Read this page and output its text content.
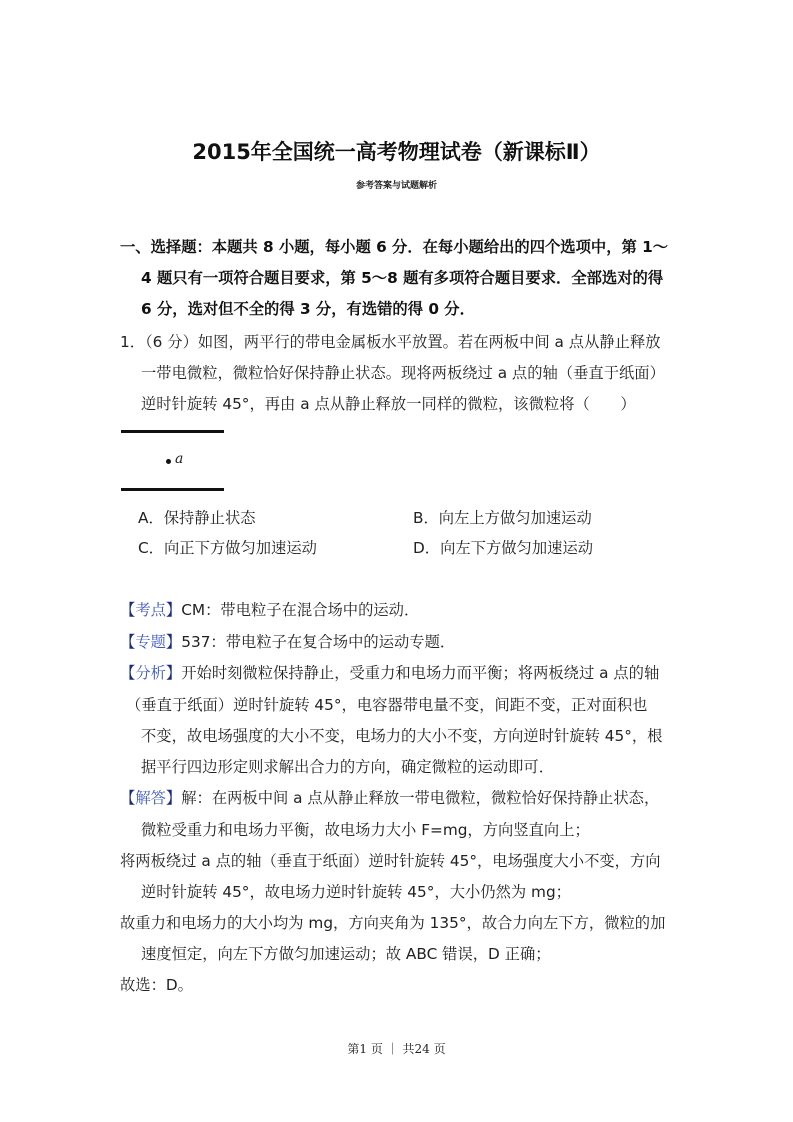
2015年全国统一高考物理试卷（新课标Ⅱ）
参考答案与试题解析
一、选择题：本题共 8 小题，每小题 6 分．在每小题给出的四个选项中，第 1～
4 题只有一项符合题目要求，第 5～8 题有多项符合题目要求．全部选对的得
6 分，选对但不全的得 3 分，有选错的得 0 分．
1．（6 分）如图，两平行的带电金属板水平放置。若在两板中间 a 点从静止释放
一带电微粒，微粒恰好保持静止状态。现将两板绕过 a 点的轴（垂直于纸面）
逆时针旋转 45°，再由 a 点从静止释放一同样的微粒，该微粒将（　　）
a
A．保持静止状态	B．向左上方做匀加速运动
C．向正下方做匀加速运动	D．向左下方做匀加速运动
【考点】CM：带电粒子在混合场中的运动．
【专题】537：带电粒子在复合场中的运动专题．
【分析】开始时刻微粒保持静止，受重力和电场力而平衡；将两板绕过 a 点的轴
（垂直于纸面）逆时针旋转 45°，电容器带电量不变，间距不变，正对面积也
不变，故电场强度的大小不变，电场力的大小不变，方向逆时针旋转 45°，根
据平行四边形定则求解出合力的方向，确定微粒的运动即可．
【解答】解：在两板中间 a 点从静止释放一带电微粒，微粒恰好保持静止状态，
微粒受重力和电场力平衡，故电场力大小 F=mg，方向竖直向上；
将两板绕过 a 点的轴（垂直于纸面）逆时针旋转 45°，电场强度大小不变，方向
逆时针旋转 45°，故电场力逆时针旋转 45°，大小仍然为 mg；
故重力和电场力的大小均为 mg，方向夹角为 135°，故合力向左下方，微粒的加
速度恒定，向左下方做匀加速运动；故 ABC 错误，D 正确；
故选：D。
第1 页 ｜ 共24 页
